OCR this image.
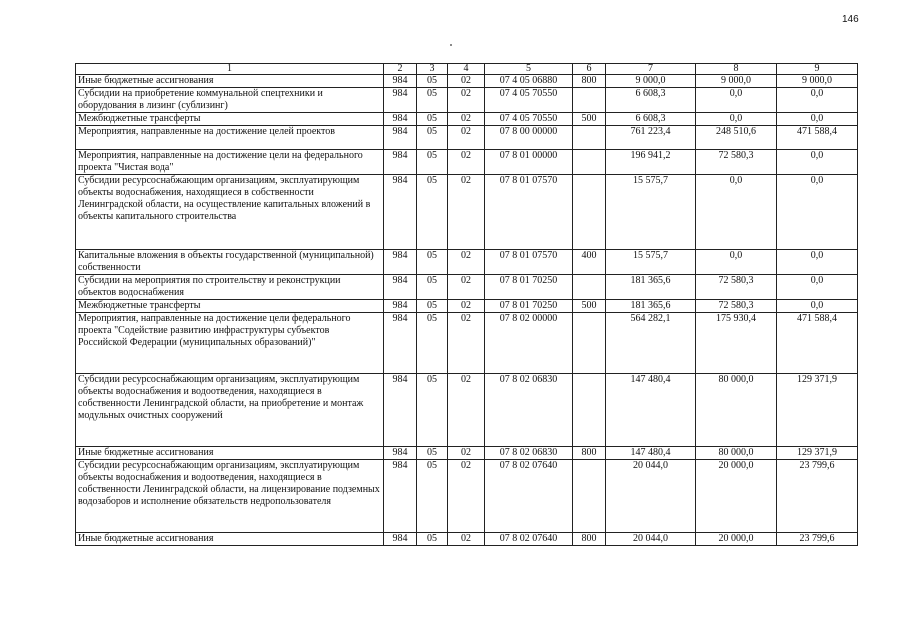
146
1	2	3	4	5	6	7	8	9
Иные бюджетные ассигнования	984	05	02	07 4 05 06880	800	9 000,0	9 000,0	9 000,0
Субсидии на приобретение коммунальной спецтехники и оборудования в лизинг (сублизинг)	984	05	02	07 4 05 70550		6 608,3	0,0	0,0
Межбюджетные трансферты	984	05	02	07 4 05 70550	500	6 608,3	0,0	0,0
Мероприятия, направленные на достижение целей проектов	984	05	02	07 8 00 00000		761 223,4	248 510,6	471 588,4
Мероприятия, направленные на достижение цели на федерального проекта "Чистая вода"	984	05	02	07 8 01 00000		196 941,2	72 580,3	0,0
Субсидии ресурсоснабжающим организациям, эксплуатирующим объекты водоснабжения, находящиеся в собственности Ленинградской области, на осуществление капитальных вложений в объекты капитального строительства	984	05	02	07 8 01 07570		15 575,7	0,0	0,0
Капитальные вложения в объекты государственной (муниципальной) собственности	984	05	02	07 8 01 07570	400	15 575,7	0,0	0,0
Субсидии на мероприятия по строительству и реконструкции объектов водоснабжения	984	05	02	07 8 01 70250		181 365,6	72 580,3	0,0
Межбюджетные трансферты	984	05	02	07 8 01 70250	500	181 365,6	72 580,3	0,0
Мероприятия, направленные на достижение цели федерального проекта "Содействие развитию инфраструктуры субъектов Российской Федерации (муниципальных образований)"	984	05	02	07 8 02 00000		564 282,1	175 930,4	471 588,4
Субсидии ресурсоснабжающим организациям, эксплуатирующим объекты водоснабжения и водоотведения, находящиеся в собственности Ленинградской области, на приобретение и монтаж модульных очистных сооружений	984	05	02	07 8 02 06830		147 480,4	80 000,0	129 371,9
Иные бюджетные ассигнования	984	05	02	07 8 02 06830	800	147 480,4	80 000,0	129 371,9
Субсидии ресурсоснабжающим организациям, эксплуатирующим объекты водоснабжения и водоотведения, находящиеся в собственности Ленинградской области, на лицензирование подземных водозаборов и исполнение обязательств недропользователя	984	05	02	07 8 02 07640		20 044,0	20 000,0	23 799,6
Иные бюджетные ассигнования	984	05	02	07 8 02 07640	800	20 044,0	20 000,0	23 799,6
